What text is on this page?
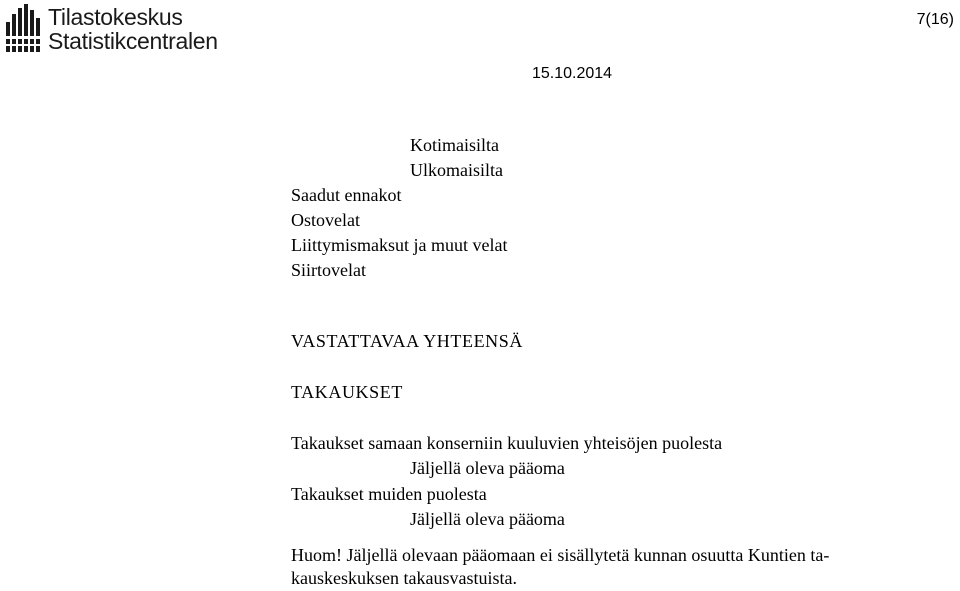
Tilastokeskus
Statistikcentralen
7(16)
15.10.2014
Kotimaisilta
Ulkomaisilta
Saadut ennakot
Ostovelat
Liittymismaksut ja muut velat
Siirtovelat
VASTATTAVAA YHTEENSÄ
TAKAUKSET
Takaukset samaan konserniin kuuluvien yhteisöjen puolesta
Jäljellä oleva pääoma
Takaukset muiden puolesta
Jäljellä oleva pääoma
Huom! Jäljellä olevaan pääomaan ei sisällytetä kunnan osuutta Kuntien ta-
kauskeskuksen takausvastuista.
